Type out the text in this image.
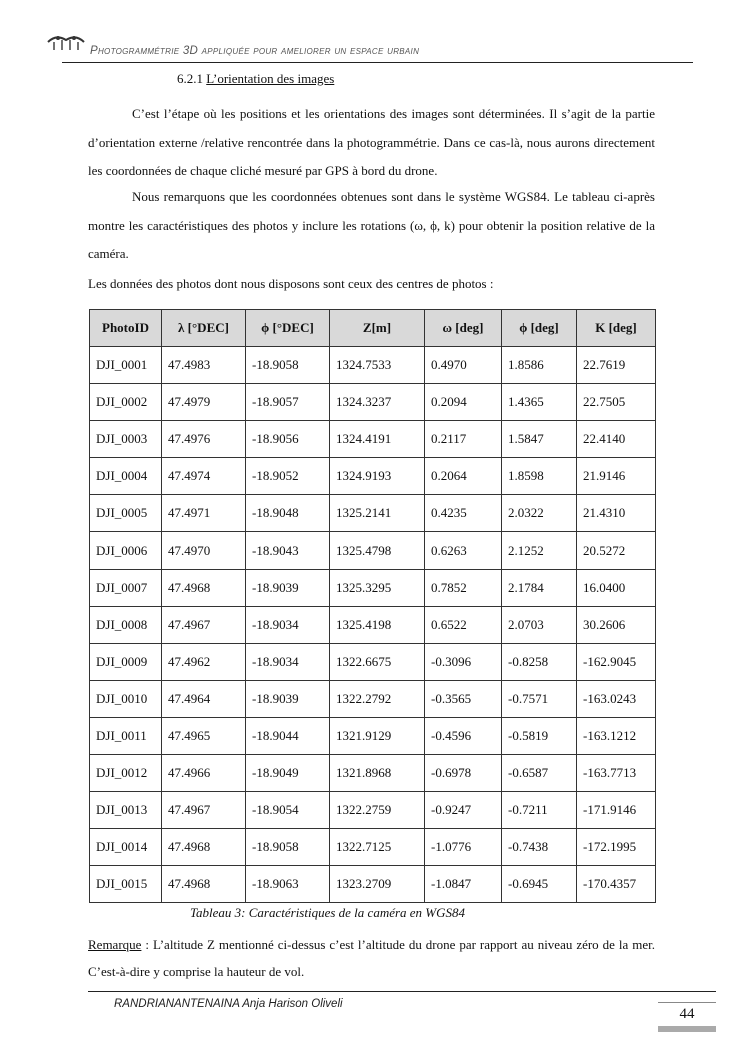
Photogrammétrie 3D appliquée pour ameliorer un espace urbain
6.2.1 L’orientation des images
C’est l’étape où les positions et les orientations des images sont déterminées. Il s’agit de la partie d’orientation externe /relative rencontrée dans la photogrammétrie. Dans ce cas-là, nous aurons directement les coordonnées de chaque cliché mesuré par GPS à bord du drone.
Nous remarquons que les coordonnées obtenues sont dans le système WGS84. Le tableau ci-après montre les caractéristiques des photos y inclure les rotations (ω, ϕ, k) pour obtenir la position relative de la caméra.
Les données des photos dont nous disposons sont ceux des centres de photos :
PhotoID	λ [°DEC]	ϕ [°DEC]	Z[m]	ω [deg]	ϕ [deg]	K [deg]
DJI_0001	47.4983	-18.9058	1324.7533	0.4970	1.8586	22.7619
DJI_0002	47.4979	-18.9057	1324.3237	0.2094	1.4365	22.7505
DJI_0003	47.4976	-18.9056	1324.4191	0.2117	1.5847	22.4140
DJI_0004	47.4974	-18.9052	1324.9193	0.2064	1.8598	21.9146
DJI_0005	47.4971	-18.9048	1325.2141	0.4235	2.0322	21.4310
DJI_0006	47.4970	-18.9043	1325.4798	0.6263	2.1252	20.5272
DJI_0007	47.4968	-18.9039	1325.3295	0.7852	2.1784	16.0400
DJI_0008	47.4967	-18.9034	1325.4198	0.6522	2.0703	30.2606
DJI_0009	47.4962	-18.9034	1322.6675	-0.3096	-0.8258	-162.9045
DJI_0010	47.4964	-18.9039	1322.2792	-0.3565	-0.7571	-163.0243
DJI_0011	47.4965	-18.9044	1321.9129	-0.4596	-0.5819	-163.1212
DJI_0012	47.4966	-18.9049	1321.8968	-0.6978	-0.6587	-163.7713
DJI_0013	47.4967	-18.9054	1322.2759	-0.9247	-0.7211	-171.9146
DJI_0014	47.4968	-18.9058	1322.7125	-1.0776	-0.7438	-172.1995
DJI_0015	47.4968	-18.9063	1323.2709	-1.0847	-0.6945	-170.4357
Tableau 3: Caractéristiques de la caméra en WGS84
Remarque : L’altitude Z mentionné ci-dessus c’est l’altitude du drone par rapport au niveau zéro de la mer. C’est-à-dire y comprise la hauteur de vol.
RANDRIANANTENAINA Anja Harison Oliveli
44
